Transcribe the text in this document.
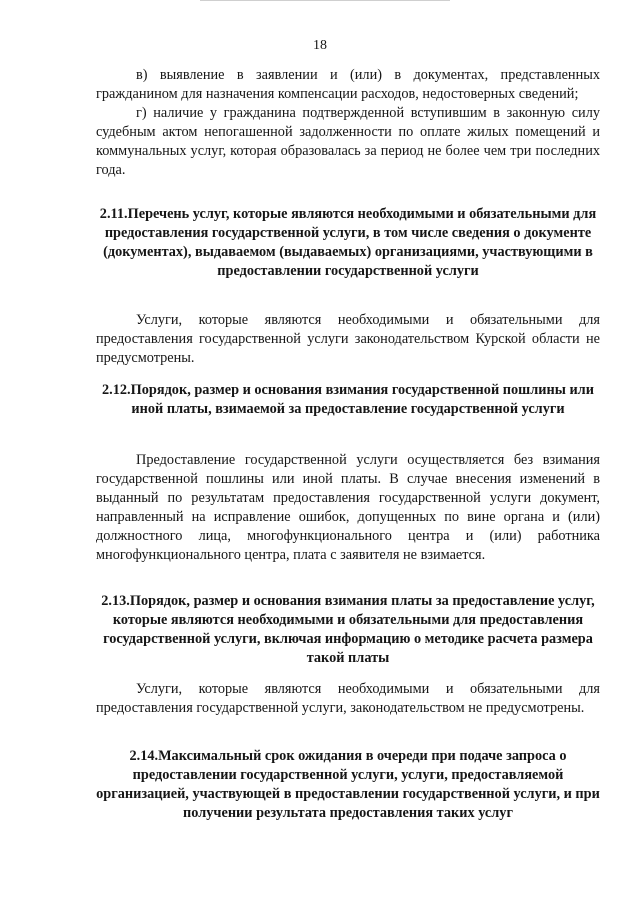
18

в) выявление в заявлении и (или) в документах, представленных гражданином для назначения компенсации расходов, недостоверных сведений;

г) наличие у гражданина подтвержденной вступившим в законную силу судебным актом непогашенной задолженности по оплате жилых помещений и коммунальных услуг, которая образовалась за период не более чем три последних года.

2.11.Перечень услуг, которые являются необходимыми и обязательными для предоставления государственной услуги, в том числе сведения о документе (документах), выдаваемом (выдаваемых) организациями, участвующими в предоставлении государственной услуги

Услуги, которые являются необходимыми и обязательными для предоставления государственной услуги законодательством Курской области не предусмотрены.

2.12.Порядок, размер и основания взимания государственной пошлины или иной платы, взимаемой за предоставление государственной услуги

Предоставление государственной услуги осуществляется без взимания государственной пошлины или иной платы. В случае внесения изменений в выданный по результатам предоставления государственной услуги документ, направленный на исправление ошибок, допущенных по вине органа и (или) должностного лица, многофункционального центра и (или) работника многофункционального центра, плата с заявителя не взимается.

2.13.Порядок, размер и основания взимания платы за предоставление услуг, которые являются необходимыми и обязательными для предоставления государственной услуги, включая информацию о методике расчета размера такой платы

Услуги, которые являются необходимыми и обязательными для предоставления государственной услуги, законодательством не предусмотрены.

2.14.Максимальный срок ожидания в очереди при подаче запроса о предоставлении государственной услуги, услуги, предоставляемой организацией, участвующей в предоставлении государственной услуги, и при получении результата предоставления таких услуг
